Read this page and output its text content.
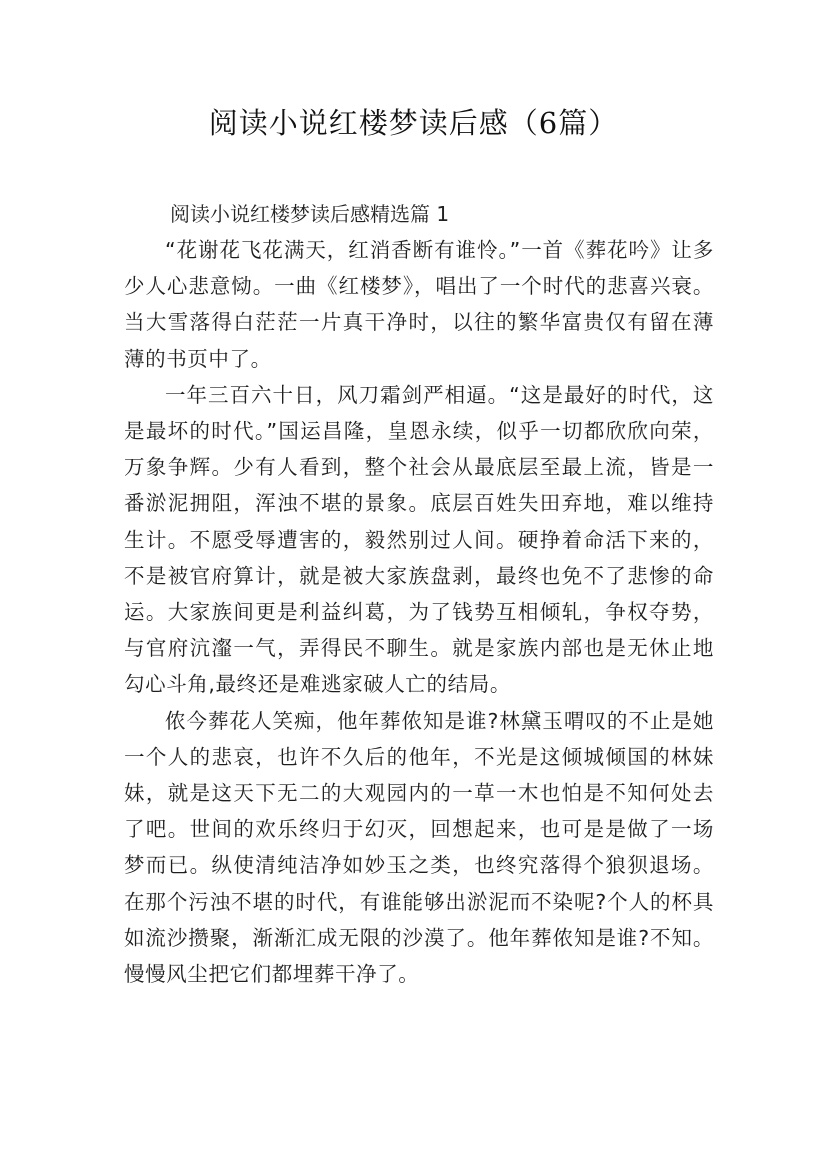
阅读小说红楼梦读后感（6篇）
阅读小说红楼梦读后感精选篇 1

“花谢花飞花满天，红消香断有谁怜。”一首《葬花吟》让多少人心悲意恸。一曲《红楼梦》，唱出了一个时代的悲喜兴衰。当大雪落得白茫茫一片真干净时，以往的繁华富贵仅有留在薄薄的书页中了。

一年三百六十日，风刀霜剑严相逼。“这是最好的时代，这是最坏的时代。”国运昌隆，皇恩永续，似乎一切都欣欣向荣，万象争辉。少有人看到，整个社会从最底层至最上流，皆是一番淤泥拥阻，浑浊不堪的景象。底层百姓失田弃地，难以维持生计。不愿受辱遭害的，毅然别过人间。硬挣着命活下来的，不是被官府算计，就是被大家族盘剥，最终也免不了悲惨的命运。大家族间更是利益纠葛，为了钱势互相倾轧，争权夺势，与官府沆瀣一气，弄得民不聊生。就是家族内部也是无休止地勾心斗角,最终还是难逃家破人亡的结局。

侬今葬花人笑痴，他年葬侬知是谁?林黛玉喟叹的不止是她一个人的悲哀，也许不久后的他年，不光是这倾城倾国的林妹妹，就是这天下无二的大观园内的一草一木也怕是不知何处去了吧。世间的欢乐终归于幻灭，回想起来，也可是是做了一场梦而已。纵使清纯洁净如妙玉之类，也终究落得个狼狈退场。在那个污浊不堪的时代，有谁能够出淤泥而不染呢?个人的杯具如流沙攒聚，渐渐汇成无限的沙漠了。他年葬侬知是谁?不知。慢慢风尘把它们都埋葬干净了。
